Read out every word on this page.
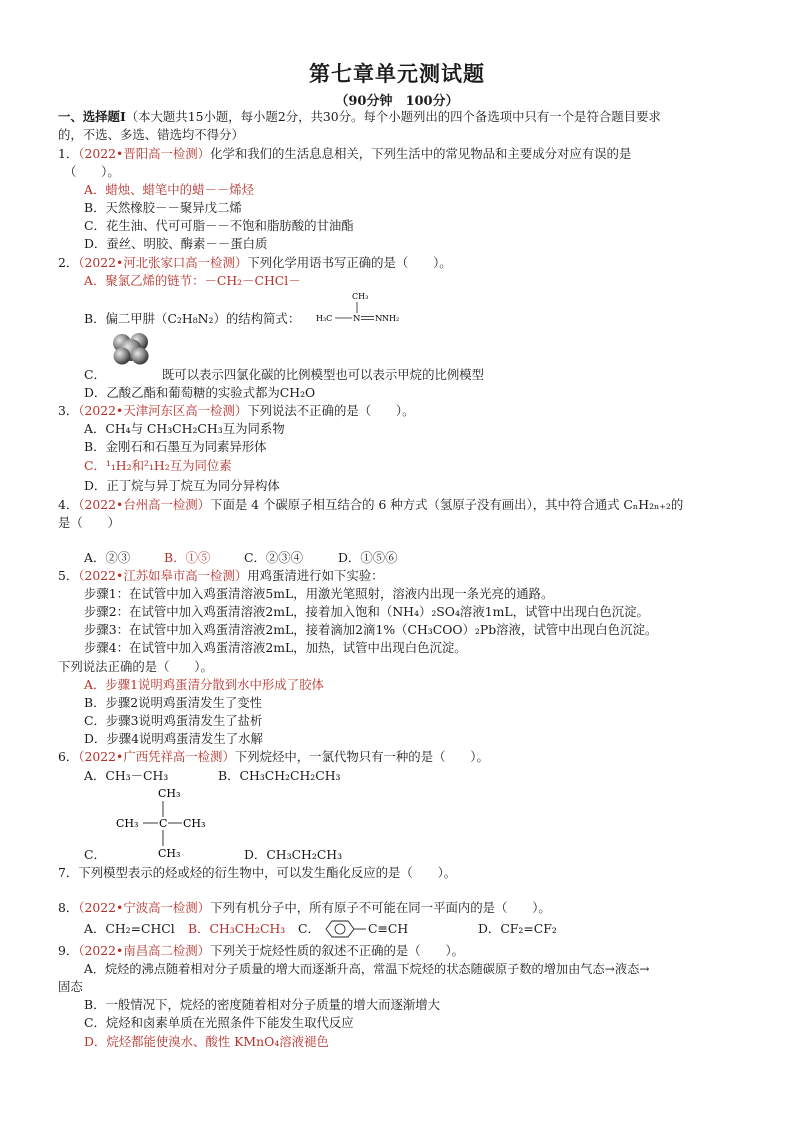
第七章单元测试题
（90分钟　100分）
一、选择题Ⅰ（本大题共15小题，每小题2分，共30分。每个小题列出的四个备选项中只有一个是符合题目要求
的，不选、多选、错选均不得分）
1．（2022•晋阳高一检测）化学和我们的生活息息相关，下列生活中的常见物品和主要成分对应有误的是
（　　）。
A．蜡烛、蜡笔中的蜡－－烯烃
B．天然橡胶－－聚异戊二烯
C．花生油、代可可脂－－不饱和脂肪酸的甘油酯
D．蚕丝、明胶、酶素－－蛋白质
2．（2022•河北张家口高一检测）下列化学用语书写正确的是（　　）。
A．聚氯乙烯的链节：－CH₂－CHCl－
CH₃
H₃C N N NH₂
B．偏二甲肼（C₂H₈N₂）的结构简式：
C．	既可以表示四氯化碳的比例模型也可以表示甲烷的比例模型
D．乙酸乙酯和葡萄糖的实验式都为CH₂O
3．（2022•天津河东区高一检测）下列说法不正确的是（　　）。
A．CH₄与 CH₃CH₂CH₃互为同系物
B．金刚石和石墨互为同素异形体
C．¹₁H₂和²₁H₂互为同位素
D．正丁烷与异丁烷互为同分异构体
4．（2022•台州高一检测）下面是 4 个碳原子相互结合的 6 种方式（氢原子没有画出），其中符合通式 CₙH₂ₙ₊₂的
是（　　）
A．②③	B．①⑤	C．②③④	D．①⑤⑥
5．（2022•江苏如皋市高一检测）用鸡蛋清进行如下实验：
步骤1：在试管中加入鸡蛋清溶液5mL，用激光笔照射，溶液内出现一条光亮的通路。
步骤2：在试管中加入鸡蛋清溶液2mL，接着加入饱和（NH₄）₂SO₄溶液1mL，试管中出现白色沉淀。
步骤3：在试管中加入鸡蛋清溶液2mL，接着滴加2滴1%（CH₃COO）₂Pb溶液，试管中出现白色沉淀。
步骤4：在试管中加入鸡蛋清溶液2mL，加热，试管中出现白色沉淀。
下列说法正确的是（　　）。
A．步骤1说明鸡蛋清分散到水中形成了胶体
B．步骤2说明鸡蛋清发生了变性
C．步骤3说明鸡蛋清发生了盐析
D．步骤4说明鸡蛋清发生了水解
6．（2022•广西凭祥高一检测）下列烷烃中，一氯代物只有一种的是（　　）。
A．CH₃－CH₃	B．CH₃CH₂CH₂CH₃
CH₃
CH₃ C CH₃
CH₃
C．	D．CH₃CH₂CH₃
7．下列模型表示的烃或烃的衍生物中，可以发生酯化反应的是（　　）。
8．（2022•宁波高一检测）下列有机分子中，所有原子不可能在同一平面内的是（　　）。
A．CH₂=CHCl B．CH₃CH₂CH₃ C．	C≡CH	D．CF₂=CF₂
9．（2022•南昌高二检测）下列关于烷烃性质的叙述不正确的是（　　）。
A．烷烃的沸点随着相对分子质量的增大而逐渐升高，常温下烷烃的状态随碳原子数的增加由气态→液态→
固态
B．一般情况下，烷烃的密度随着相对分子质量的增大而逐渐增大
C．烷烃和卤素单质在光照条件下能发生取代反应
D．烷烃都能使溴水、酸性 KMnO₄溶液褪色
